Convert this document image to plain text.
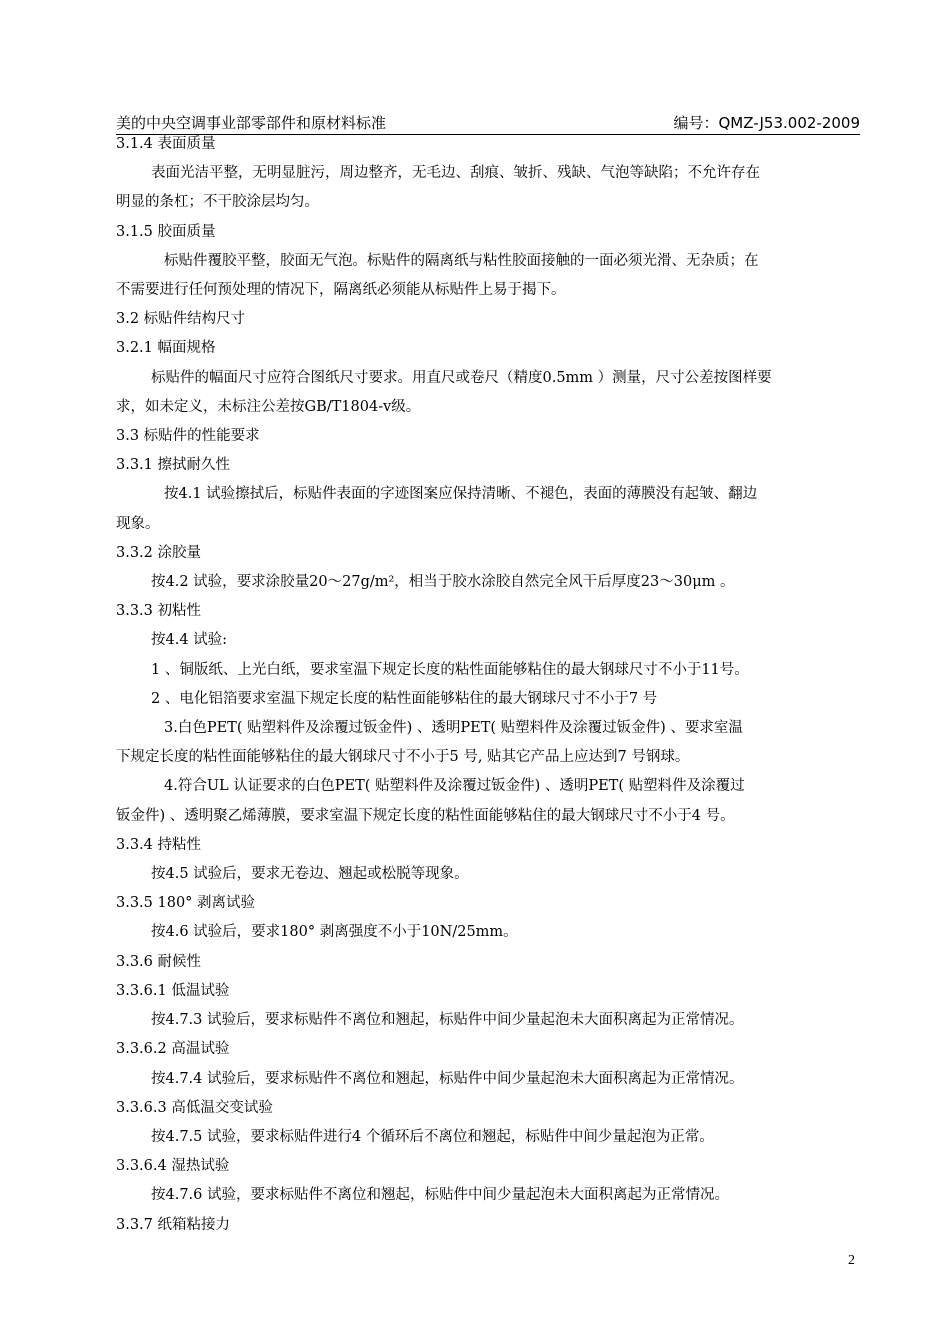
美的中央空调事业部零部件和原材料标准	编号：QMZ-J53.002-2009
3.1.4 表面质量
表面光洁平整，无明显脏污，周边整齐，无毛边、刮痕、皱折、残缺、气泡等缺陷；不允许存在
明显的条杠；不干胶涂层均匀。
3.1.5 胶面质量
标贴件覆胶平整，胶面无气泡。标贴件的隔离纸与粘性胶面接触的一面必须光滑、无杂质；在
不需要进行任何预处理的情况下，隔离纸必须能从标贴件上易于揭下。
3.2 标贴件结构尺寸
3.2.1 幅面规格
标贴件的幅面尺寸应符合图纸尺寸要求。用直尺或卷尺（精度0.5mm ）测量，尺寸公差按图样要
求，如未定义，未标注公差按GB/T1804-v级。
3.3 标贴件的性能要求
3.3.1 擦拭耐久性
按4.1 试验擦拭后，标贴件表面的字迹图案应保持清晰、不褪色，表面的薄膜没有起皱、翻边
现象。
3.3.2 涂胶量
按4.2 试验，要求涂胶量20～27g/m²，相当于胶水涂胶自然完全风干后厚度23～30μm 。
3.3.3 初粘性
按4.4 试验:
1 、铜版纸、上光白纸，要求室温下规定长度的粘性面能够粘住的最大钢球尺寸不小于11号。
2 、电化铝箔要求室温下规定长度的粘性面能够粘住的最大钢球尺寸不小于7 号
3.白色PET( 贴塑料件及涂覆过钣金件) 、透明PET( 贴塑料件及涂覆过钣金件) 、要求室温
下规定长度的粘性面能够粘住的最大钢球尺寸不小于5 号, 贴其它产品上应达到7 号钢球。
4.符合UL 认证要求的白色PET( 贴塑料件及涂覆过钣金件) 、透明PET( 贴塑料件及涂覆过
钣金件) 、透明聚乙烯薄膜，要求室温下规定长度的粘性面能够粘住的最大钢球尺寸不小于4 号。
3.3.4 持粘性
按4.5 试验后，要求无卷边、翘起或松脱等现象。
3.3.5 180° 剥离试验
按4.6 试验后，要求180° 剥离强度不小于10N/25mm。
3.3.6 耐候性
3.3.6.1 低温试验
按4.7.3 试验后，要求标贴件不离位和翘起，标贴件中间少量起泡未大面积离起为正常情况。
3.3.6.2 高温试验
按4.7.4 试验后，要求标贴件不离位和翘起，标贴件中间少量起泡未大面积离起为正常情况。
3.3.6.3 高低温交变试验
按4.7.5 试验，要求标贴件进行4 个循环后不离位和翘起，标贴件中间少量起泡为正常。
3.3.6.4 湿热试验
按4.7.6 试验，要求标贴件不离位和翘起，标贴件中间少量起泡未大面积离起为正常情况。
3.3.7 纸箱粘接力
2
